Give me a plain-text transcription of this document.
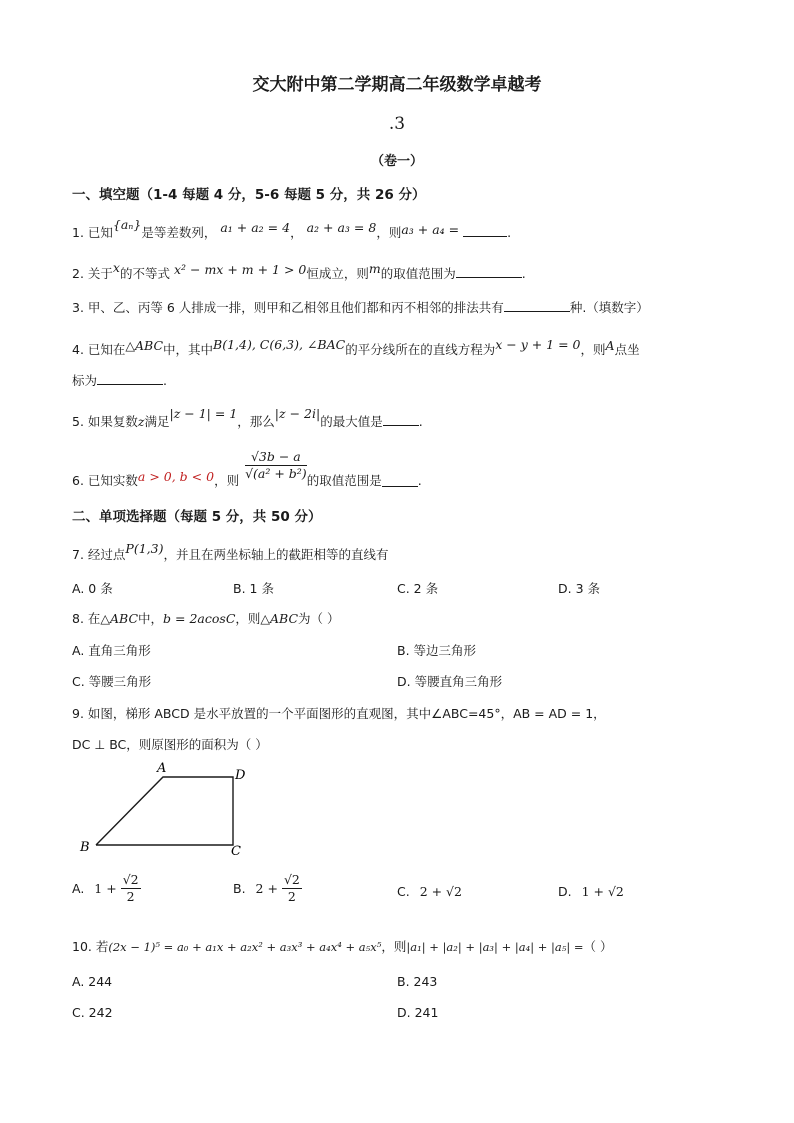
交大附中第二学期高二年级数学卓越考
.3
（卷一）
一、填空题（1-4 每题 4 分，5-6 每题 5 分，共 26 分）
1. 已知{aₙ}是等差数列， a₁ + a₂ = 4， a₂ + a₃ = 8，则a₃ + a₄ =	.
2. 关于x的不等式 x² − mx + m + 1 > 0恒成立，则m的取值范围为	.
3. 甲、乙、丙等 6 人排成一排，则甲和乙相邻且他们都和丙不相邻的排法共有	种.（填数字）
4. 已知在△ABC中，其中B(1,4), C(6,3), ∠BAC的平分线所在的直线方程为x − y + 1 = 0，则A点坐
标为	.
5. 如果复数z满足|z − 1| = 1，那么|z − 2i|的最大值是	.
6. 已知实数a > 0, b < 0，则 $\frac{√3b - a}{\text{√(a² + b²)}}$ 的取值范围是	.
二、单项选择题（每题 5 分，共 50 分）
7. 经过点P(1,3)，并且在两坐标轴上的截距相等的直线有
A. 0 条	B. 1 条	C. 2 条	D. 3 条
8. 在△ABC中，b = 2acosC，则△ABC为（ ）
A. 直角三角形	B. 等边三角形
C. 等腰三角形	D. 等腰直角三角形
9. 如图，梯形 ABCD 是水平放置的一个平面图形的直观图，其中∠ABC=45°，AB = AD = 1，
DC ⊥ BC，则原图形的面积为（ ）
A	D
B	C
A. $1 + \frac{√2}{2}$	B. $2 + \frac{√2}{2}$	C. 2 + √2	D. 1 + √2
10. 若(2x − 1)⁵ = a₀ + a₁x + a₂x² + a₃x³ + a₄x⁴ + a₅x⁵，则|a₁| + |a₂| + |a₃| + |a₄| + |a₅| =（ ）
A. 244	B. 243
C. 242	D. 241
